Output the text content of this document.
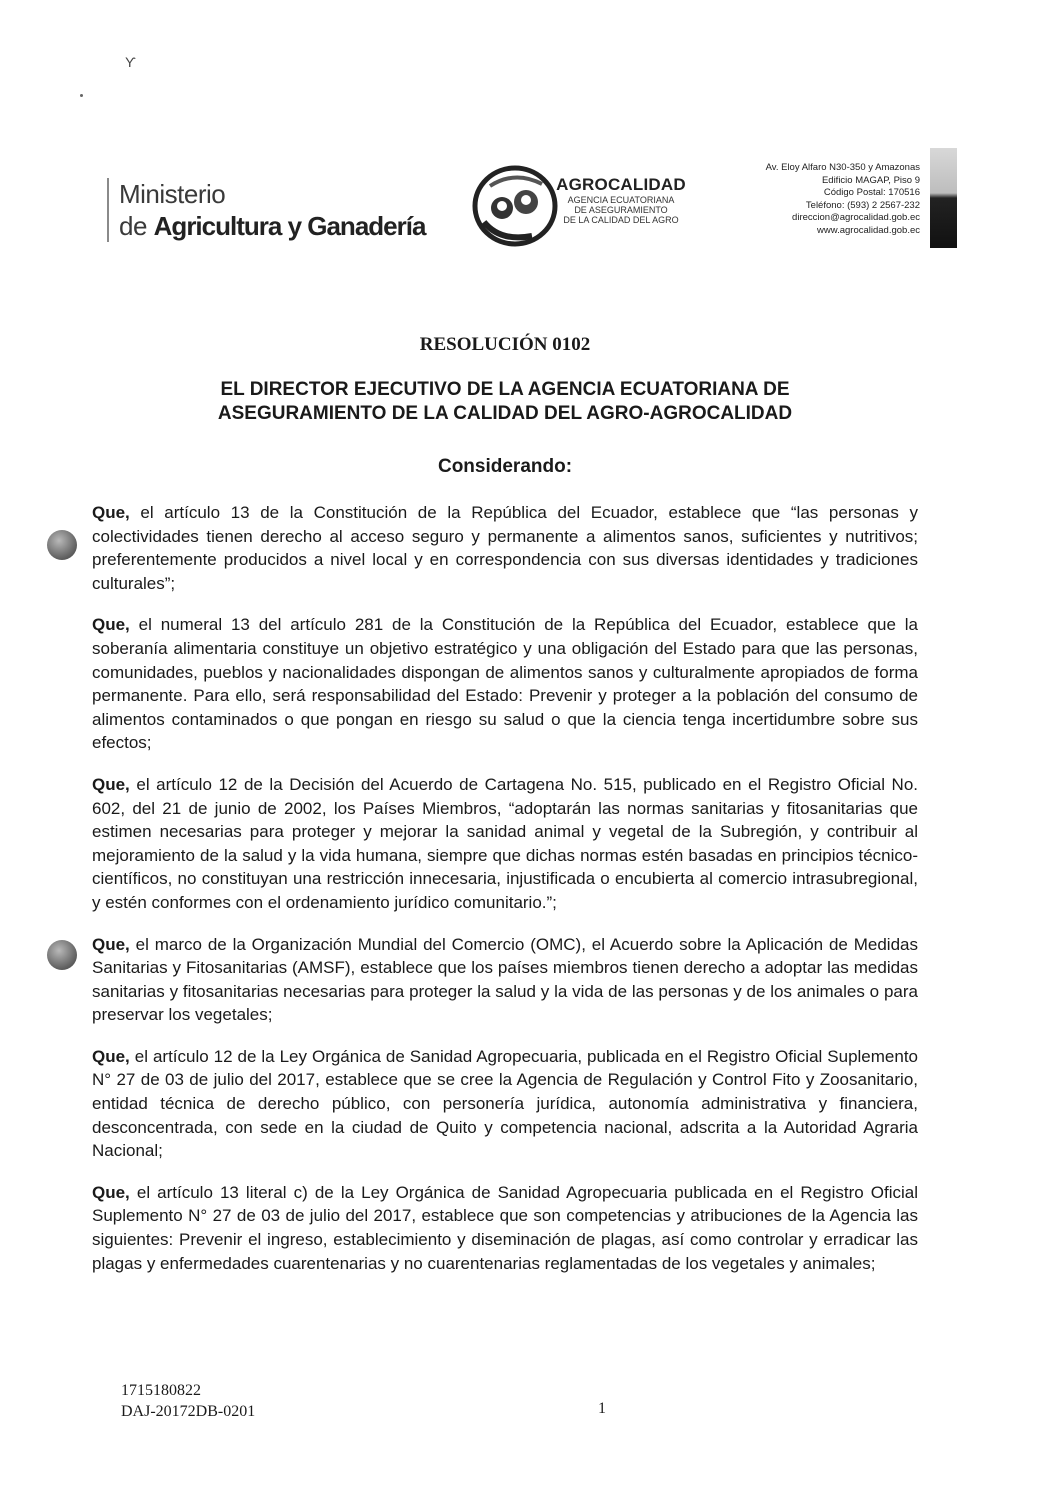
ϒ
Ministerio
de Agricultura y Ganadería
AGROCALIDAD
AGENCIA ECUATORIANA
DE ASEGURAMIENTO
DE LA CALIDAD DEL AGRO
Av. Eloy Alfaro N30-350 y Amazonas
Edificio MAGAP, Piso 9
Código Postal: 170516
Teléfono: (593) 2 2567-232
direccion@agrocalidad.gob.ec
www.agrocalidad.gob.ec
RESOLUCIÓN 0102
EL DIRECTOR EJECUTIVO DE LA AGENCIA ECUATORIANA DE ASEGURAMIENTO DE LA CALIDAD DEL AGRO-AGROCALIDAD
Considerando:

Que, el artículo 13 de la Constitución de la República del Ecuador, establece que “las personas y colectividades tienen derecho al acceso seguro y permanente a alimentos sanos, suficientes y nutritivos; preferentemente producidos a nivel local y en correspondencia con sus diversas identidades y tradiciones culturales”;

Que, el numeral 13 del artículo 281 de la Constitución de la República del Ecuador, establece que la soberanía alimentaria constituye un objetivo estratégico y una obligación del Estado para que las personas, comunidades, pueblos y nacionalidades dispongan de alimentos sanos y culturalmente apropiados de forma permanente. Para ello, será responsabilidad del Estado: Prevenir y proteger a la población del consumo de alimentos contaminados o que pongan en riesgo su salud o que la ciencia tenga incertidumbre sobre sus efectos;

Que, el artículo 12 de la Decisión del Acuerdo de Cartagena No. 515, publicado en el Registro Oficial No. 602, del 21 de junio de 2002, los Países Miembros, “adoptarán las normas sanitarias y fitosanitarias que estimen necesarias para proteger y mejorar la sanidad animal y vegetal de la Subregión, y contribuir al mejoramiento de la salud y la vida humana, siempre que dichas normas estén basadas en principios técnico-científicos, no constituyan una restricción innecesaria, injustificada o encubierta al comercio intrasubregional, y estén conformes con el ordenamiento jurídico comunitario.”;

Que, el marco de la Organización Mundial del Comercio (OMC), el Acuerdo sobre la Aplicación de Medidas Sanitarias y Fitosanitarias (AMSF), establece que los países miembros tienen derecho a adoptar las medidas sanitarias y fitosanitarias necesarias para proteger la salud y la vida de las personas y de los animales o para preservar los vegetales;

Que, el artículo 12 de la Ley Orgánica de Sanidad Agropecuaria, publicada en el Registro Oficial Suplemento N° 27 de 03 de julio del 2017, establece que se cree la Agencia de Regulación y Control Fito y Zoosanitario, entidad técnica de derecho público, con personería jurídica, autonomía administrativa y financiera, desconcentrada, con sede en la ciudad de Quito y competencia nacional, adscrita a la Autoridad Agraria Nacional;

Que, el artículo 13 literal c) de la Ley Orgánica de Sanidad Agropecuaria publicada en el Registro Oficial Suplemento N° 27 de 03 de julio del 2017, establece que son competencias y atribuciones de la Agencia las siguientes: Prevenir el ingreso, establecimiento y diseminación de plagas, así como controlar y erradicar las plagas y enfermedades cuarentenarias y no cuarentenarias reglamentadas de los vegetales y animales;

1715180822
DAJ-20172DB-0201	1
